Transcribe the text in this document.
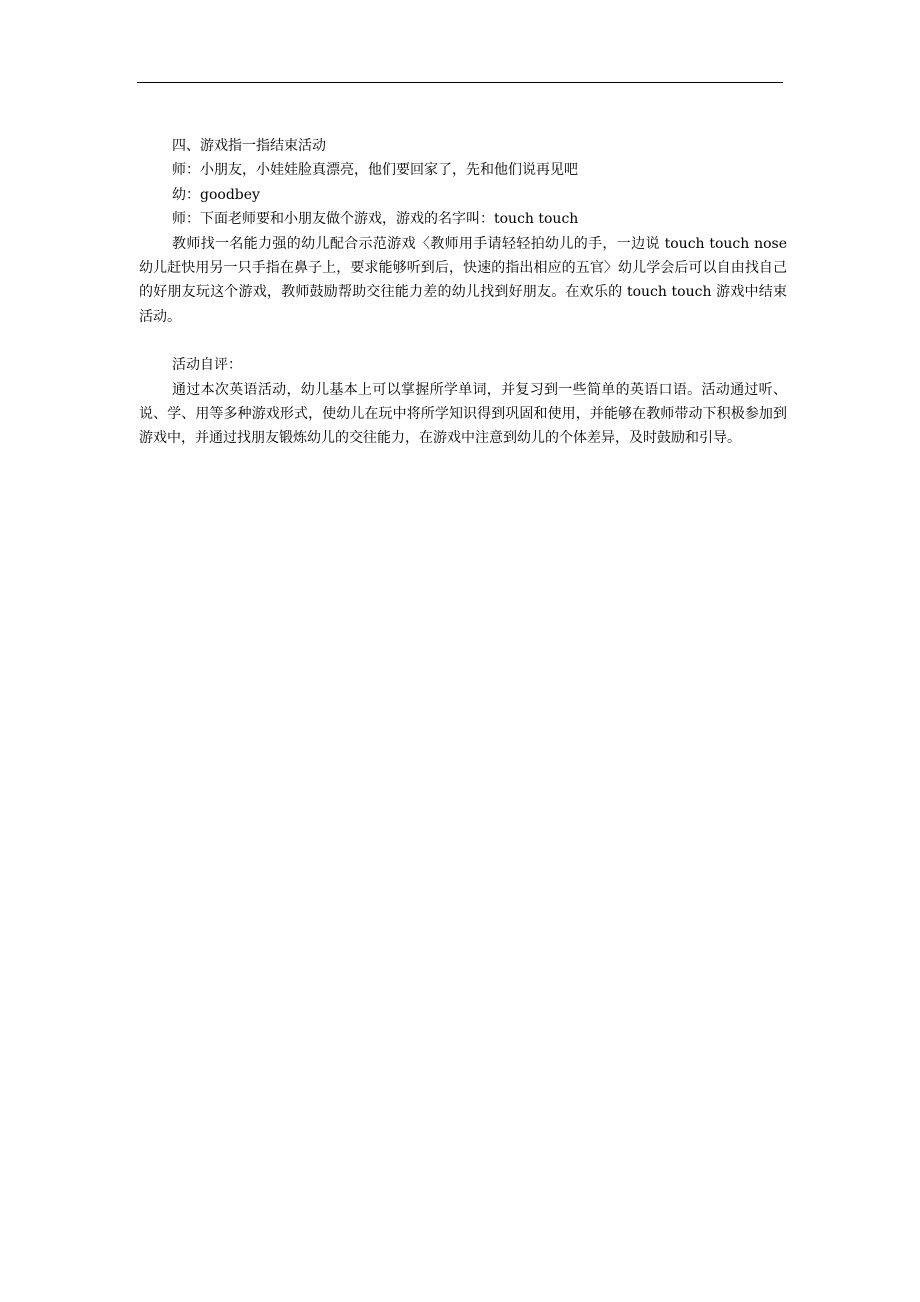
四、游戏指一指结束活动

师：小朋友，小娃娃脸真漂亮，他们要回家了，先和他们说再见吧

幼：goodbey

师：下面老师要和小朋友做个游戏，游戏的名字叫：touch touch

教师找一名能力强的幼儿配合示范游戏〈教师用手请轻轻拍幼儿的手，一边说 touch touch nose 幼儿赶快用另一只手指在鼻子上，要求能够听到后，快速的指出相应的五官〉幼儿学会后可以自由找自己的好朋友玩这个游戏，教师鼓励帮助交往能力差的幼儿找到好朋友。在欢乐的 touch touch 游戏中结束活动。

活动自评：

通过本次英语活动，幼儿基本上可以掌握所学单词，并复习到一些简单的英语口语。活动通过听、说、学、用等多种游戏形式，使幼儿在玩中将所学知识得到巩固和使用，并能够在教师带动下积极参加到游戏中，并通过找朋友锻炼幼儿的交往能力，在游戏中注意到幼儿的个体差异，及时鼓励和引导。
